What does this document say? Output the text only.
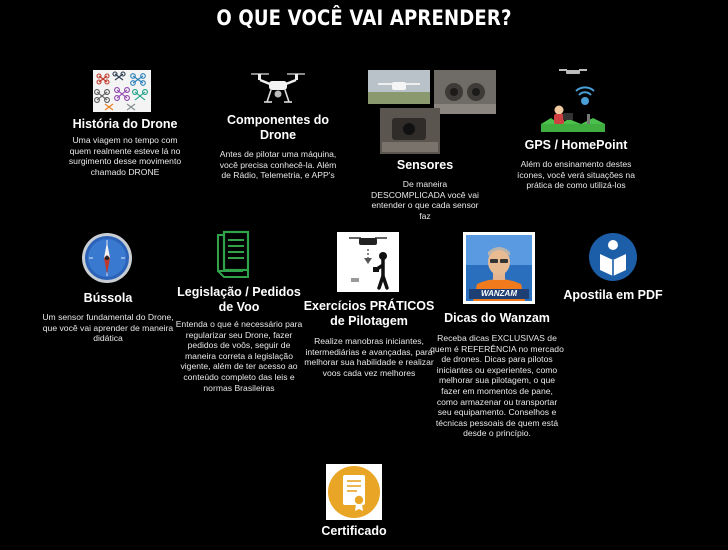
O QUE VOCÊ VAI APRENDER?
História do Drone
Uma viagem no tempo com quem realmente esteve lá no surgimento desse movimento chamado DRONE
Componentes do Drone
Antes de pilotar uma máquina, você precisa conhecê-la. Além de Rádio, Telemetria, e APP's
Sensores
De maneira DESCOMPLICADA você vai entender o que cada sensor faz
GPS / HomePoint
Além do ensinamento destes ícones, você verá situações na prática de como utilizá-los
Bússola
Um sensor fundamental do Drone, que você vai aprender de maneira didática
Legislação / Pedidos de Voo
Entenda o que é necessário para regularizar seu Drone, fazer pedidos de voôs, seguir de maneira correta a legislação vigente, além de ter acesso ao conteúdo completo das leis e normas Brasileiras
Exercícios PRÁTICOS de Pilotagem
Realize manobras iniciantes, intermediárias e avançadas, para melhorar sua habilidade e realizar voos cada vez melhores
WANZAM
Dicas do Wanzam
Receba dicas EXCLUSIVAS de quem é REFERÊNCIA no mercado de drones. Dicas para pilotos iniciantes ou experientes, como melhorar sua pilotagem, o que fazer em momentos de pane, como armazenar ou transportar seu equipamento. Conselhos e técnicas pessoais de quem está desde o princípio.
Apostila em PDF
Certificado
